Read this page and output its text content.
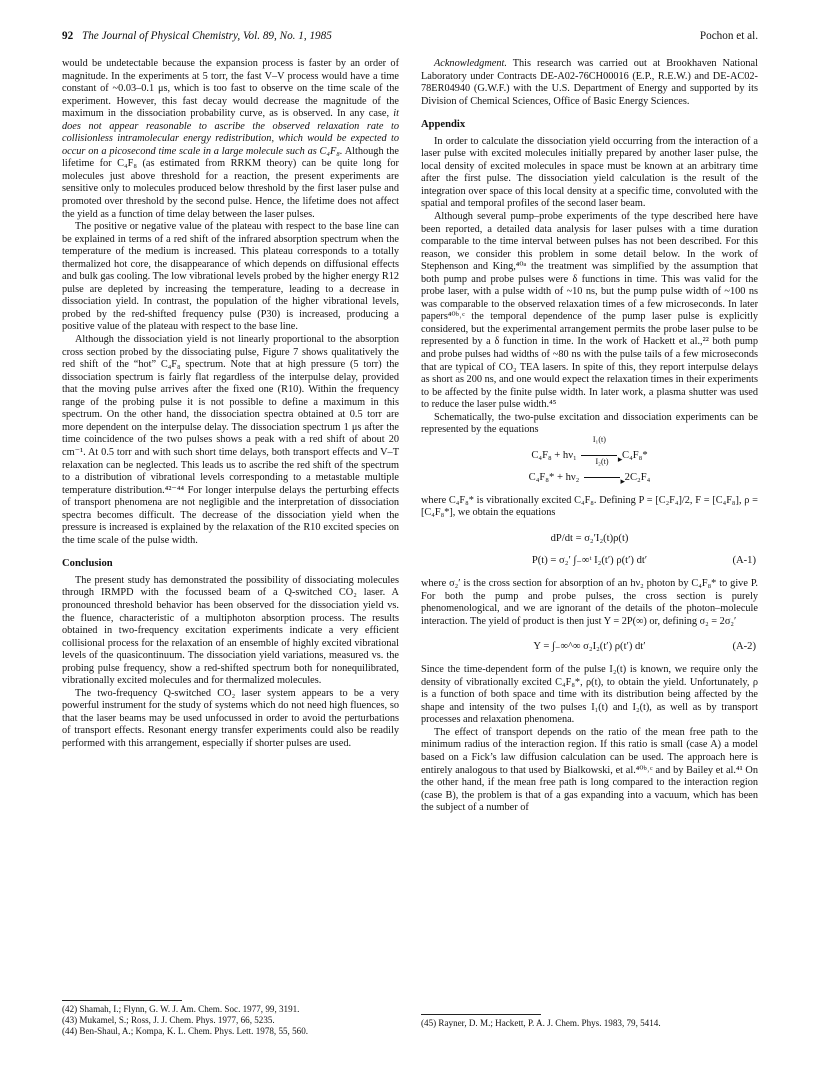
92 The Journal of Physical Chemistry, Vol. 89, No. 1, 1985	Pochon et al.

would be undetectable because the expansion process is faster by an order of magnitude. In the experiments at 5 torr, the fast V–V process would have a time constant of ~0.03–0.1 μs, which is too fast to observe on the time scale of the experiment. However, this fast decay would decrease the magnitude of the maximum in the dissociation probability curve, as is observed. In any case, it does not appear reasonable to ascribe the observed relaxation rate to collisionless intramolecular energy redistribution, which would be expected to occur on a picosecond time scale in a large molecule such as C₄F₈. Although the lifetime for C₄F₈ (as estimated from RRKM theory) can be quite long for molecules just above threshold for a reaction, the present experiments are sensitive only to molecules produced below threshold by the first laser pulse and promoted over threshold by the second pulse. Hence, the lifetime does not affect the yield as a function of time delay between the laser pulses.

The positive or negative value of the plateau with respect to the base line can be explained in terms of a red shift of the infrared absorption spectrum when the temperature of the medium is increased. This plateau corresponds to a totally thermalized hot core, the disappearance of which depends on diffusional effects and bulk gas cooling. The low vibrational levels probed by the higher energy R12 pulse are depleted by increasing the temperature, leading to a decrease in dissociation yield. In contrast, the population of the higher vibrational levels, probed by the red-shifted frequency pulse (P30) is increased, producing a positive value of the plateau with respect to the base line.

Although the dissociation yield is not linearly proportional to the absorption cross section probed by the dissociating pulse, Figure 7 shows qualitatively the red shift of the “hot” C₄F₈ spectrum. Note that at high pressure (5 torr) the dissociation spectrum is fairly flat regardless of the interpulse delay, provided that the moving pulse arrives after the fixed one (R10). Within the frequency range of the probing pulse it is not possible to define a maximum in this spectrum. On the other hand, the dissociation spectra obtained at 0.5 torr are more dependent on the interpulse delay. The dissociation spectrum 1 μs after the time coincidence of the two pulses shows a peak with a red shift of about 20 cm⁻¹. At 0.5 torr and with such short time delays, both transport effects and V–T relaxation can be neglected. This leads us to ascribe the red shift of the spectrum to a distribution of vibrational levels corresponding to a metastable multiple temperature distribution.⁴²⁻⁴⁴ For longer interpulse delays the perturbing effects of transport phenomena are not negligible and the interpretation of dissociation spectra becomes difficult. The decrease of the dissociation yield when the pressure is increased is explained by the relaxation of the R10 excited species on the time scale of the pulse width.

Conclusion

The present study has demonstrated the possibility of dissociating molecules through IRMPD with the focussed beam of a Q-switched CO₂ laser. A pronounced threshold behavior has been observed for the dissociation yield vs. the fluence, characteristic of a multiphoton absorption process. The results obtained in two-frequency excitation experiments indicate a very efficient collisional process for the relaxation of an ensemble of highly excited vibrational levels of the quasicontinuum. The dissociation yield variations, measured vs. the probing pulse frequency, show a red-shifted spectrum both for nonequilibrated, vibrationally excited molecules and for thermalized molecules.

The two-frequency Q-switched CO₂ laser system appears to be a very powerful instrument for the study of systems which do not need high fluences, so that the laser beams may be used unfocussed in order to avoid the perturbations of transport effects. Resonant energy transfer experiments could also be readily performed with this arrangement, especially if shorter pulses are used.

Acknowledgment. This research was carried out at Brookhaven National Laboratory under Contracts DE-A02-76CH00016 (E.P., R.E.W.) and DE-AC02-78ER04940 (G.W.F.) with the U.S. Department of Energy and supported by its Division of Chemical Sciences, Office of Basic Energy Sciences.

Appendix

In order to calculate the dissociation yield occurring from the interaction of a laser pulse with excited molecules initially prepared by another laser pulse, the local density of excited molecules in space must be known at an arbitrary time after the first pulse. The dissociation yield calculation is the result of the integration over space of this local density at a specific time, convoluted with the spatial and temporal profiles of the second laser beam.

Although several pump–probe experiments of the type described here have been reported, a detailed data analysis for laser pulses with a time duration comparable to the time interval between pulses has not been described. For this reason, we consider this problem in some detail below. In the work of Stephenson and King,⁴⁰ᵃ the treatment was simplified by the assumption that both pump and probe pulses were δ functions in time. This was valid for the probe laser, with a pulse width of ~10 ns, but the pump pulse width of ~100 ns was comparable to the observed relaxation times of a few microseconds. In later papers⁴⁰ᵇ˒ᶜ the temporal dependence of the pump laser pulse is explicitly considered, but the experimental arrangement permits the probe laser pulse to be represented by a δ function in time. In the work of Hackett et al.,²² both pump and probe pulses had widths of ~80 ns with the pulse tails of a few microseconds that are typical of CO₂ TEA lasers. In spite of this, they report interpulse delays as short as 200 ns, and one would expect the relaxation times in their experiments to be affected by the finite pulse width. In later work, a plasma shutter was used to reduce the laser pulse width.⁴⁵

Schematically, the two-pulse excitation and dissociation experiments can be represented by the equations

C₄F₈ + hν₁
I₁(t)
▸ C₄F₈*
C₄F₈* + hν₂
I₂(t)
▸ 2C₂F₄

where C₄F₈* is vibrationally excited C₄F₈. Defining P = [C₂F₄]/2, F = [C₄F₈], ρ = [C₄F₈*], we obtain the equations

dP/dt = σ₂′I₂(t)ρ(t)
P(t) = σ₂′ ∫₋∞ᵗ I₂(t′) ρ(t′) dt′	(A-1)

where σ₂′ is the cross section for absorption of an hν₂ photon by C₄F₈* to give P. For both the pump and probe pulses, the cross section is purely phenomenological, and we are ignorant of the details of the photon–molecule interaction. The yield of product is then just Y = 2P(∞) or, defining σ₂ = 2σ₂′

Y = ∫₋∞^∞ σ₂I₂(t′) ρ(t′) dt′	(A-2)

Since the time-dependent form of the pulse I₂(t) is known, we require only the density of vibrationally excited C₄F₈*, ρ(t), to obtain the yield. Unfortunately, ρ is a function of both space and time with its distribution being affected by the shape and intensity of the two pulses I₁(t) and I₂(t), as well as by transport processes and relaxation phenomena.

The effect of transport depends on the ratio of the mean free path to the minimum radius of the interaction region. If this ratio is small (case A) a model based on a Fick’s law diffusion calculation can be used. The approach here is entirely analogous to that used by Bialkowski, et al.⁴⁰ᵇ˒ᶜ and by Bailey et al.⁴¹ On the other hand, if the mean free path is long compared to the interaction region (case B), the problem is that of a gas expanding into a vacuum, which has been the subject of a number of

(42) Shamah, I.; Flynn, G. W. J. Am. Chem. Soc. 1977, 99, 3191.
(43) Mukamel, S.; Ross, J. J. Chem. Phys. 1977, 66, 5235.
(44) Ben-Shaul, A.; Kompa, K. L. Chem. Phys. Lett. 1978, 55, 560.
(45) Rayner, D. M.; Hackett, P. A. J. Chem. Phys. 1983, 79, 5414.
